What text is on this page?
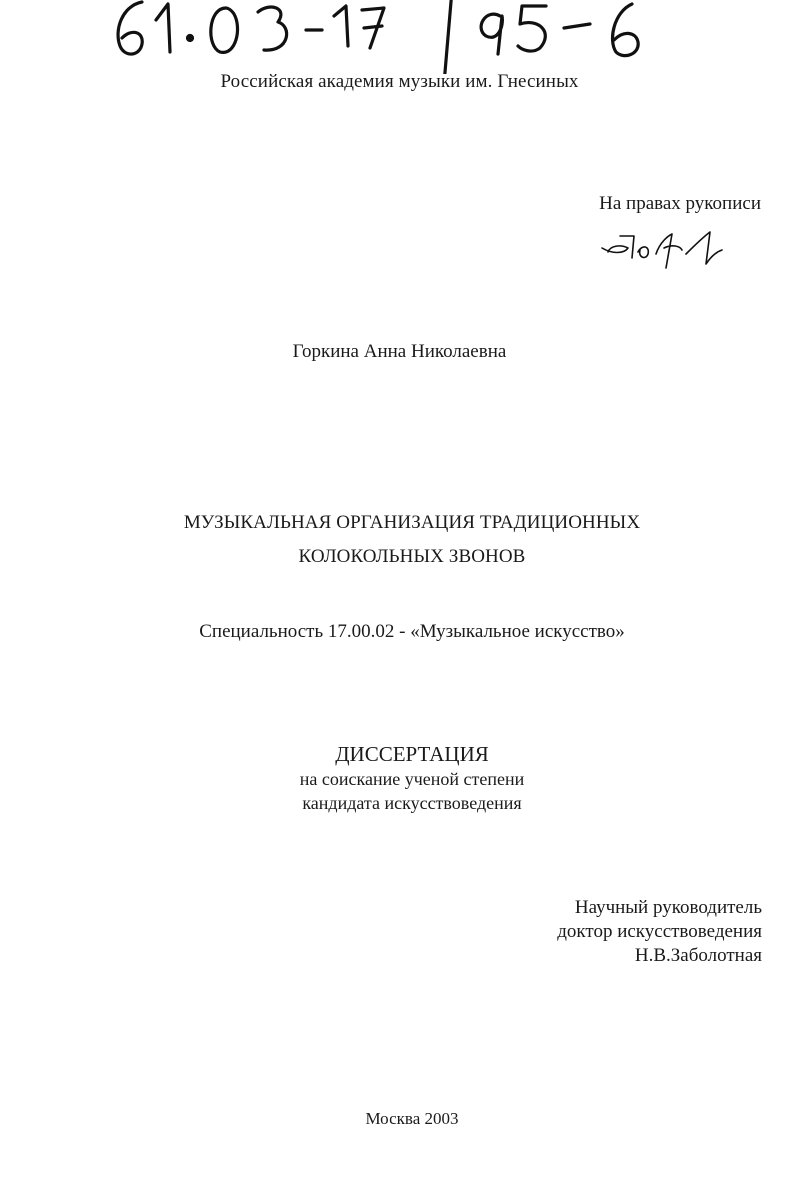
Российская академия музыки им. Гнесиных
На правах рукописи
Горкина Анна Николаевна
МУЗЫКАЛЬНАЯ ОРГАНИЗАЦИЯ ТРАДИЦИОННЫХ
КОЛОКОЛЬНЫХ ЗВОНОВ
Специальность 17.00.02 - «Музыкальное искусство»
ДИССЕРТАЦИЯ
на соискание ученой степени
кандидата искусствоведения
Научный руководитель
доктор искусствоведения
Н.В.Заболотная
Москва 2003
